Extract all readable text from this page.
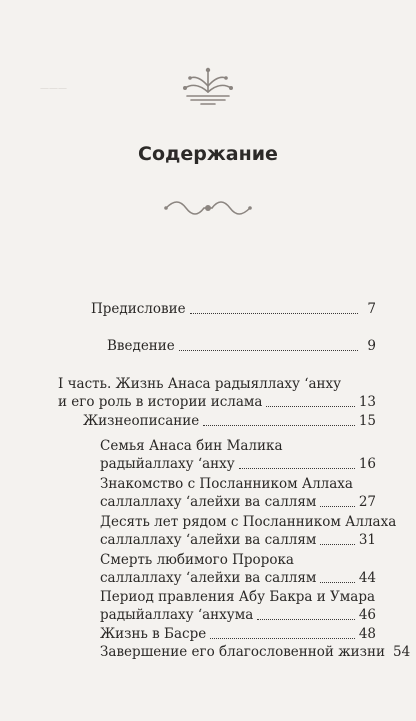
———
Содержание
Предисловие	7
Введение	9
I часть. Жизнь Анаса радыяллаху ‘анху
и его роль в истории ислама	13
Жизнеописание	15
Семья Анаса бин Малика
радыйаллаху ‘анху	16
Знакомство с Посланником Аллаха
саллаллаху ‘алейхи ва саллям	27
Десять лет рядом с Посланником Аллаха
саллаллаху ‘алейхи ва саллям	31
Смерть любимого Пророка
саллаллаху ‘алейхи ва саллям	44
Период правления Абу Бакра и Умара
радыйаллаху ‘анхума	46
Жизнь в Басре	48
Завершение его благословенной жизни 54
